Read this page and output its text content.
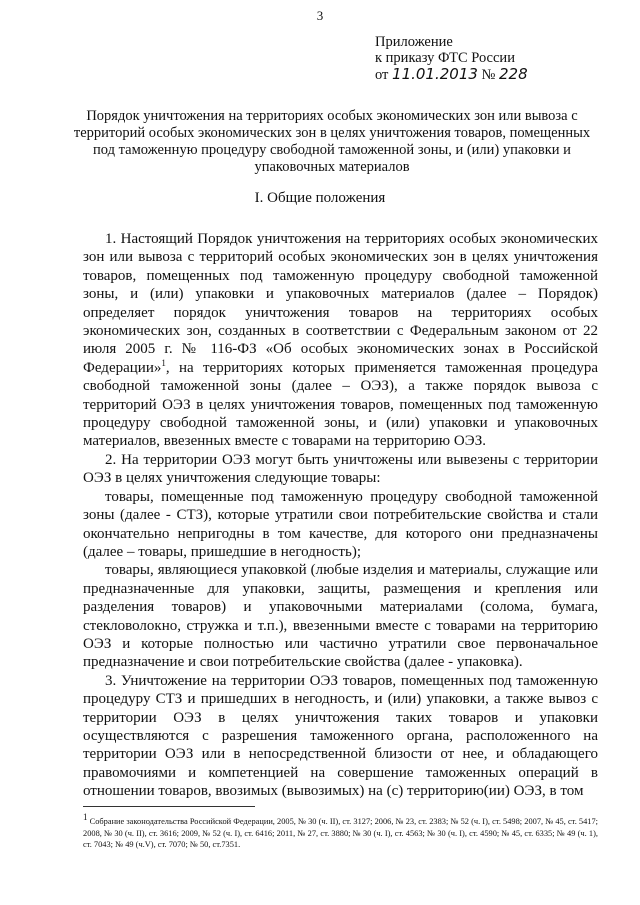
3
Приложение
к приказу ФТС России
от 11.01.2013 № 228
Порядок уничтожения на территориях особых экономических зон или вывоза с территорий особых экономических зон в целях уничтожения товаров, помещенных под таможенную процедуру свободной таможенной зоны, и (или) упаковки и упаковочных материалов
I. Общие положения

1. Настоящий Порядок уничтожения на территориях особых экономических зон или вывоза с территорий особых экономических зон в целях уничтожения товаров, помещенных под таможенную процедуру свободной таможенной зоны, и (или) упаковки и упаковочных материалов (далее – Порядок) определяет порядок уничтожения товаров на территориях особых экономических зон, созданных в соответствии с Федеральным законом от 22 июля 2005 г. № 116-ФЗ «Об особых экономических зонах в Российской Федерации»$^1$, на территориях которых применяется таможенная процедура свободной таможенной зоны (далее – ОЭЗ), а также порядок вывоза с территорий ОЭЗ в целях уничтожения товаров, помещенных под таможенную процедуру свободной таможенной зоны, и (или) упаковки и упаковочных материалов, ввезенных вместе с товарами на территорию ОЭЗ.

2. На территории ОЭЗ могут быть уничтожены или вывезены с территории ОЭЗ в целях уничтожения следующие товары:

товары, помещенные под таможенную процедуру свободной таможенной зоны (далее - СТЗ), которые утратили свои потребительские свойства и стали окончательно непригодны в том качестве, для которого они предназначены (далее – товары, пришедшие в негодность);

товары, являющиеся упаковкой (любые изделия и материалы, служащие или предназначенные для упаковки, защиты, размещения и крепления или разделения товаров) и упаковочными материалами (солома, бумага, стекловолокно, стружка и т.п.), ввезенными вместе с товарами на территорию ОЭЗ и которые полностью или частично утратили свое первоначальное предназначение и свои потребительские свойства (далее - упаковка).

3. Уничтожение на территории ОЭЗ товаров, помещенных под таможенную процедуру СТЗ и пришедших в негодность, и (или) упаковки, а также вывоз с территории ОЭЗ в целях уничтожения таких товаров и упаковки осуществляются с разрешения таможенного органа, расположенного на территории ОЭЗ или в непосредственной близости от нее, и обладающего правомочиями и компетенцией на совершение таможенных операций в отношении товаров, ввозимых (вывозимых) на (с) территорию(ии) ОЭЗ, в том

$^1$ Собрание законодательства Российской Федерации, 2005, № 30 (ч. II), ст. 3127; 2006, № 23, ст. 2383; № 52 (ч. I), ст. 5498; 2007, № 45, ст. 5417; 2008, № 30 (ч. II), ст. 3616; 2009, № 52 (ч. I), ст. 6416; 2011, № 27, ст. 3880; № 30 (ч. I), ст. 4563; № 30 (ч. I), ст. 4590; № 45, ст. 6335; № 49 (ч. 1), ст. 7043; № 49 (ч.V), ст. 7070; № 50, ст.7351.
